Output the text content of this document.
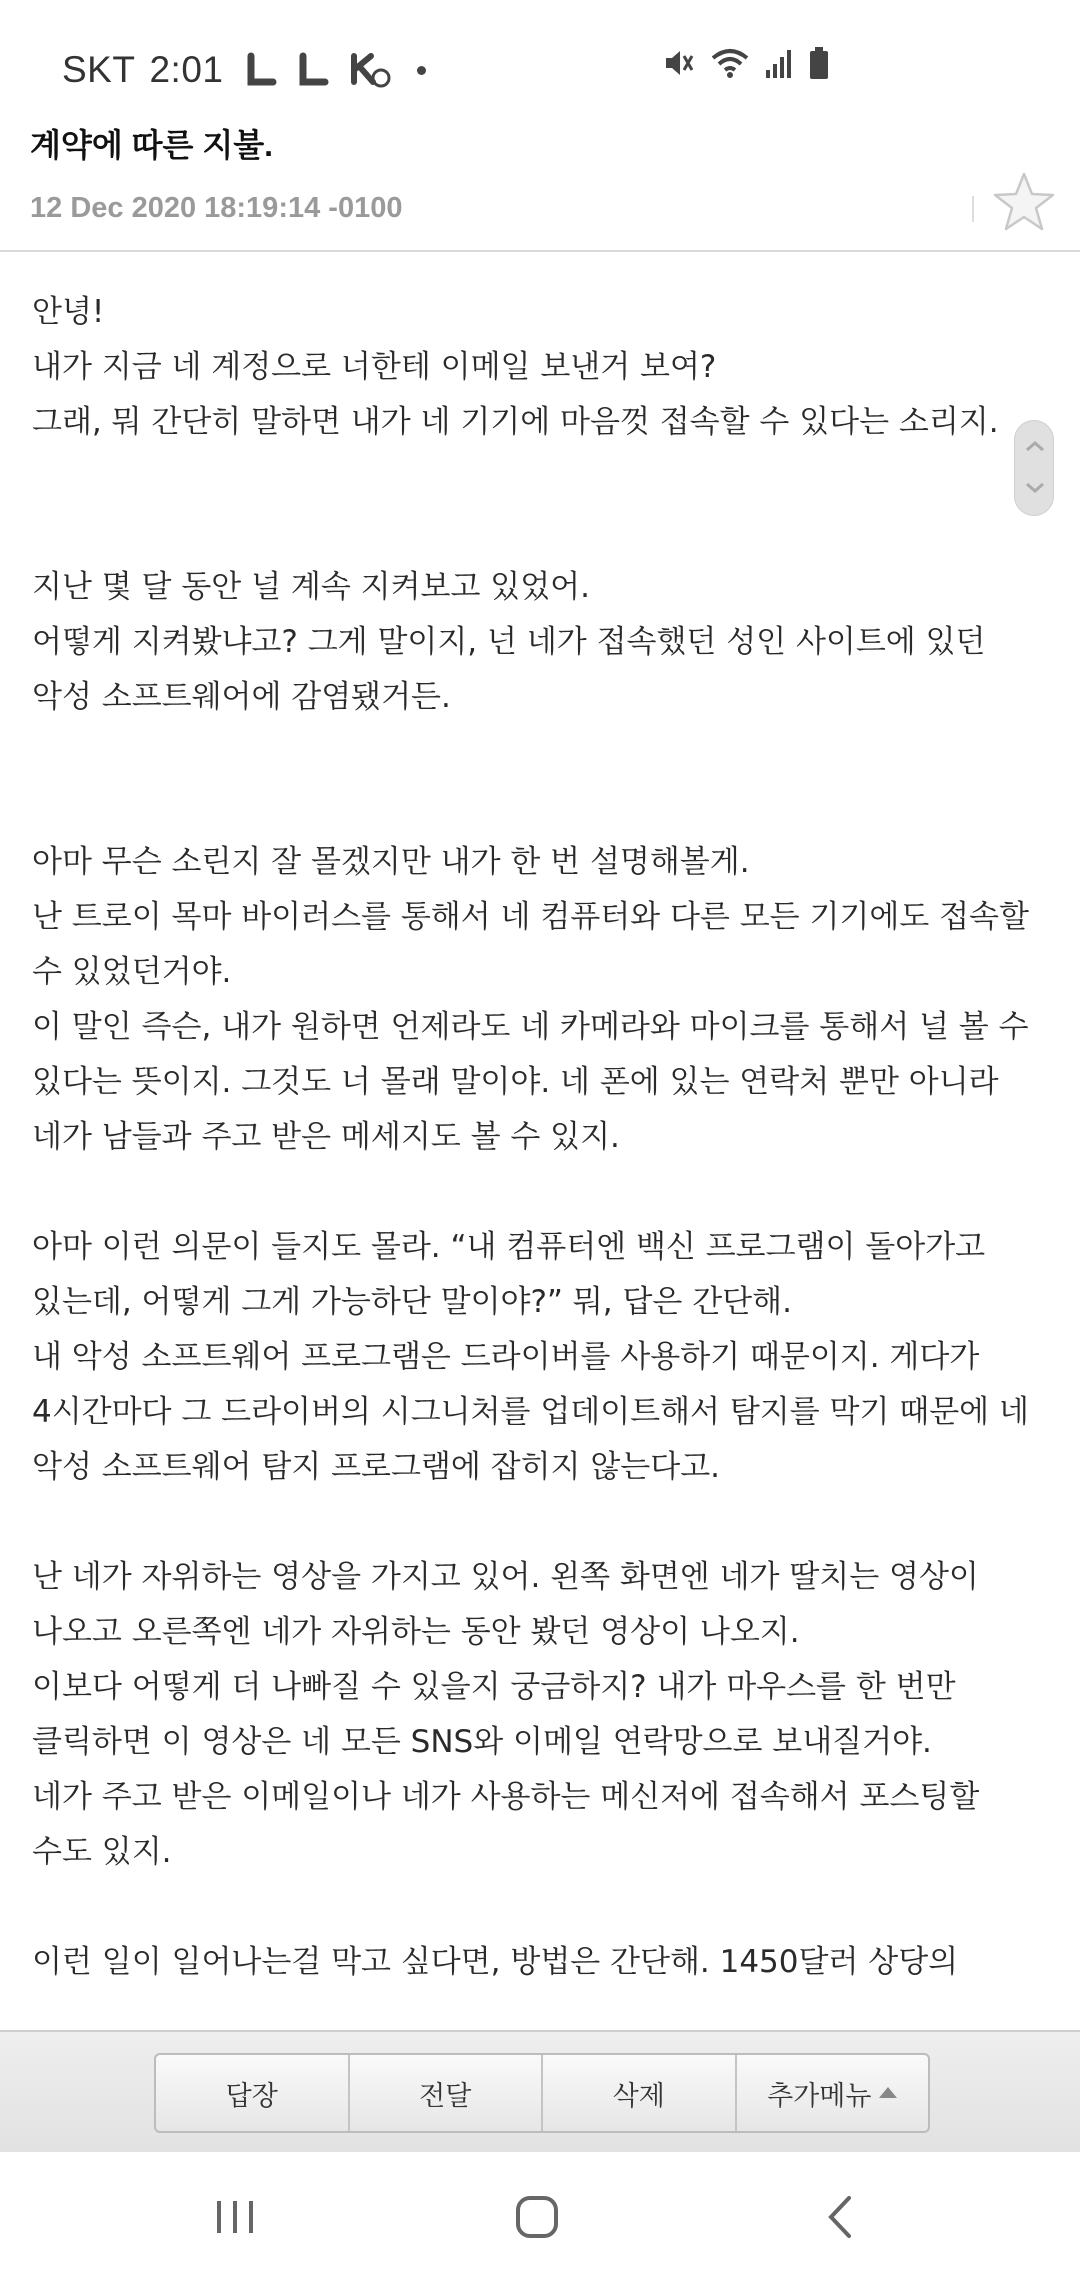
SKT 2:01
계약에 따른 지불.
12 Dec 2020 18:19:14 -0100

안녕!
내가 지금 네 계정으로 너한테 이메일 보낸거 보여?
그래, 뭐 간단히 말하면 내가 네 기기에 마음껏 접속할 수 있다는 소리지.

지난 몇 달 동안 널 계속 지켜보고 있었어.
어떻게 지켜봤냐고? 그게 말이지, 넌 네가 접속했던 성인 사이트에 있던 악성 소프트웨어에 감염됐거든.

아마 무슨 소린지 잘 몰겠지만 내가 한 번 설명해볼게.
난 트로이 목마 바이러스를 통해서 네 컴퓨터와 다른 모든 기기에도 접속할 수 있었던거야.
이 말인 즉슨, 내가 원하면 언제라도 네 카메라와 마이크를 통해서 널 볼 수 있다는 뜻이지. 그것도 너 몰래 말이야. 네 폰에 있는 연락처 뿐만 아니라 네가 남들과 주고 받은 메세지도 볼 수 있지.

아마 이런 의문이 들지도 몰라. “내 컴퓨터엔 백신 프로그램이 돌아가고 있는데, 어떻게 그게 가능하단 말이야?” 뭐, 답은 간단해.
내 악성 소프트웨어 프로그램은 드라이버를 사용하기 때문이지. 게다가 4시간마다 그 드라이버의 시그니처를 업데이트해서 탐지를 막기 때문에 네 악성 소프트웨어 탐지 프로그램에 잡히지 않는다고.

난 네가 자위하는 영상을 가지고 있어. 왼쪽 화면엔 네가 딸치는 영상이 나오고 오른쪽엔 네가 자위하는 동안 봤던 영상이 나오지.
이보다 어떻게 더 나빠질 수 있을지 궁금하지? 내가 마우스를 한 번만 클릭하면 이 영상은 네 모든 SNS와 이메일 연락망으로 보내질거야.
네가 주고 받은 이메일이나 네가 사용하는 메신저에 접속해서 포스팅할 수도 있지.

이런 일이 일어나는걸 막고 싶다면, 방법은 간단해. 1450달러 상당의

답장	전달	삭제	추가메뉴
